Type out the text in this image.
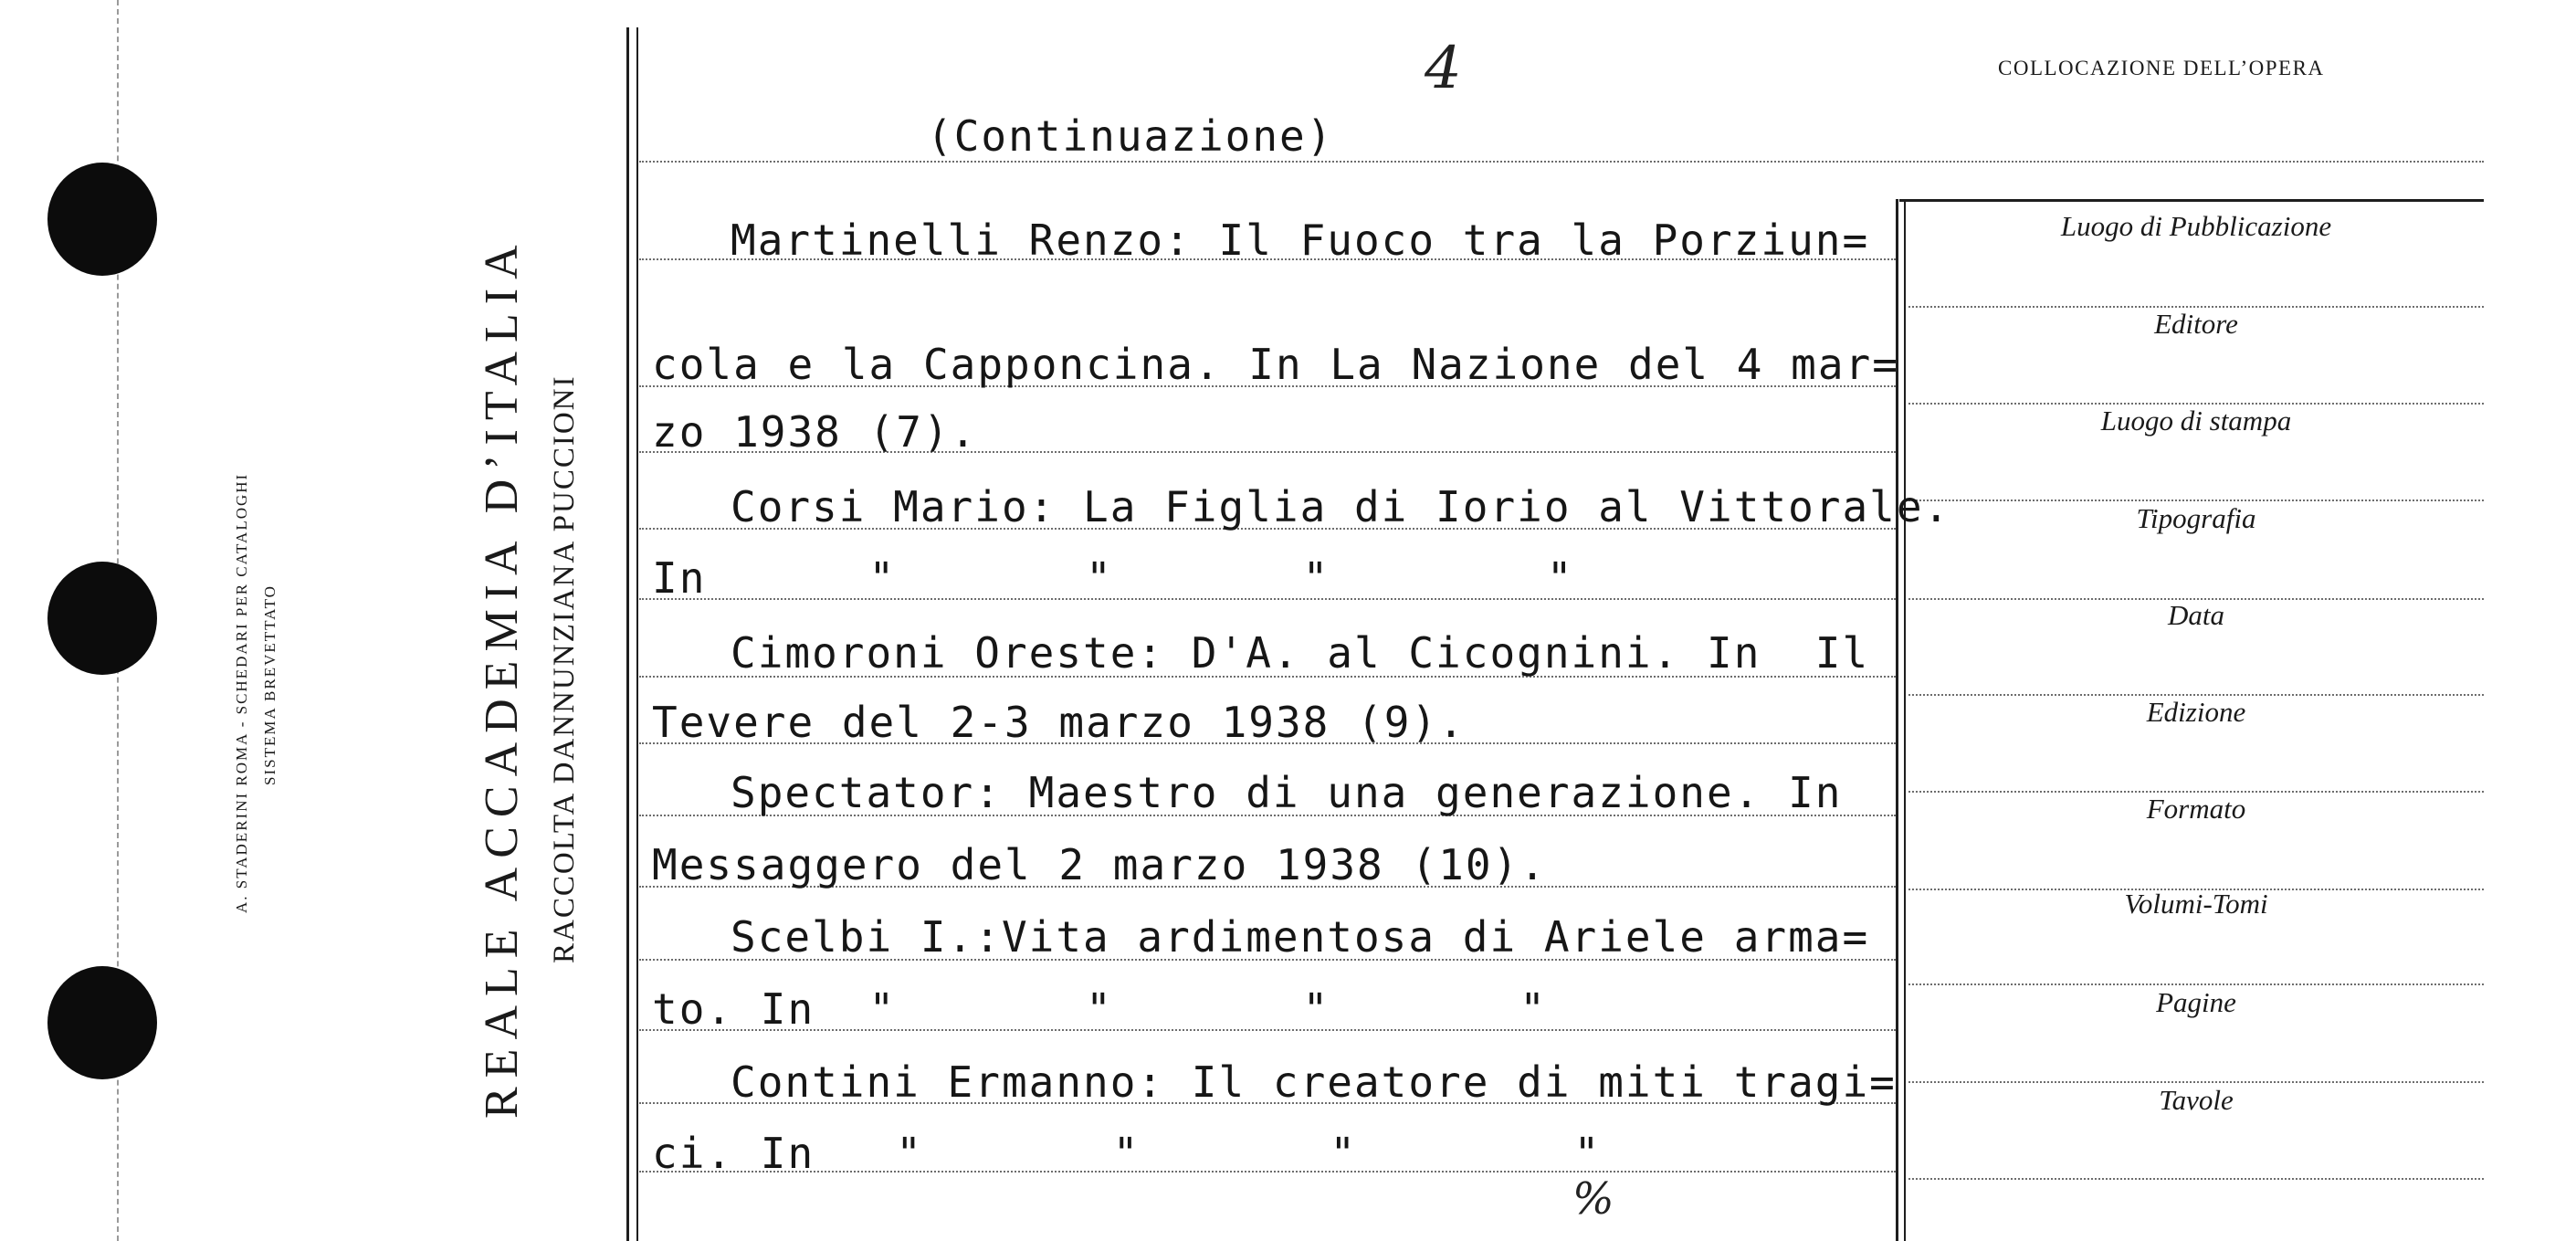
A. STADERINI ROMA - SCHEDARI PER CATALOGHI SISTEMA BREVETTATO	REALE ACCADEMIA D’ITALIA RACCOLTA DANNUNZIANA PUCCIONI
COLLOCAZIONE DELL’OPERA
Luogo di Pubblicazione
Editore
Luogo di stampa
Tipografia
Data
Edizione
Formato
Volumi-Tomi
Pagine
Tavole
4
(Continuazione)
Martinelli Renzo: Il Fuoco tra la Porziun=
cola e la Capponcina. In La Nazione del 4 mar=
zo 1938 (7).
Corsi Mario: La Figlia di Iorio al Vittorale.
In      "       "       "        "
Cimoroni Oreste: D'A. al Cicognini. In  Il
Tevere del 2-3 marzo 1938 (9).
Spectator: Maestro di una generazione. In
Messaggero del 2 marzo 1938 (10).
Scelbi I.:Vita ardimentosa di Ariele arma=
to. In  "       "       "       "
Contini Ermanno: Il creatore di miti tragi=
ci. In   "       "       "        "
%
